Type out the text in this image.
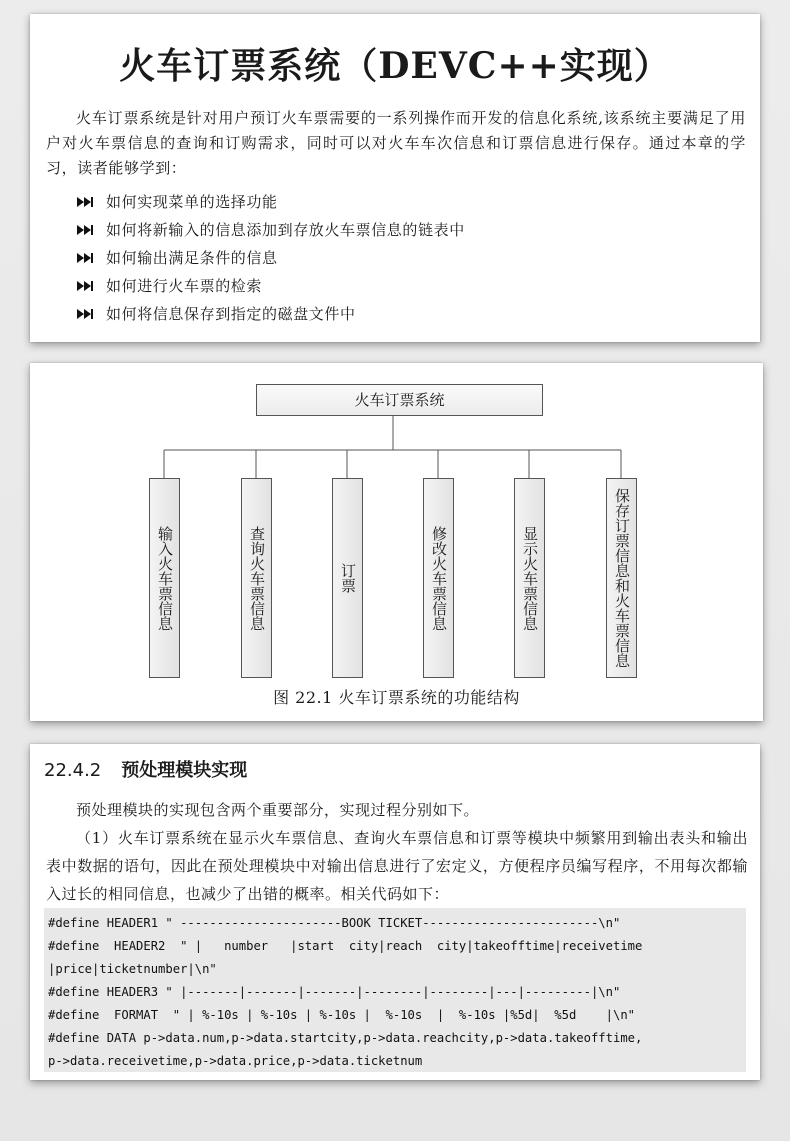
火车订票系统（DEVC++实现）

火车订票系统是针对用户预订火车票需要的一系列操作而开发的信息化系统,该系统主要满足了用户对火车票信息的查询和订购需求，同时可以对火车车次信息和订票信息进行保存。通过本章的学习，读者能够学到：

如何实现菜单的选择功能
如何将新输入的信息添加到存放火车票信息的链表中
如何输出满足条件的信息
如何进行火车票的检索
如何将信息保存到指定的磁盘文件中
火车订票系统
输入火车票信息	查询火车票信息	订票	修改火车票信息	显示火车票信息	保存订票信息和火车票信息
图 22.1 火车订票系统的功能结构
22.4.2 预处理模块实现

预处理模块的实现包含两个重要部分，实现过程分别如下。

（1）火车订票系统在显示火车票信息、查询火车票信息和订票等模块中频繁用到输出表头和输出表中数据的语句，因此在预处理模块中对输出信息进行了宏定义，方便程序员编写程序，不用每次都输入过长的相同信息，也减少了出错的概率。相关代码如下：

#define HEADER1 " ----------------------BOOK TICKET------------------------\n"
#define  HEADER2  " |   number   |start  city|reach  city|takeofftime|receivetime
|price|ticketnumber|\n"
#define HEADER3 " |-------|-------|-------|--------|--------|---|---------|\n"
#define  FORMAT  " | %-10s | %-10s | %-10s |  %-10s  |  %-10s |%5d|  %5d    |\n"
#define DATA p->data.num,p->data.startcity,p->data.reachcity,p->data.takeofftime,
p->data.receivetime,p->data.price,p->data.ticketnum
